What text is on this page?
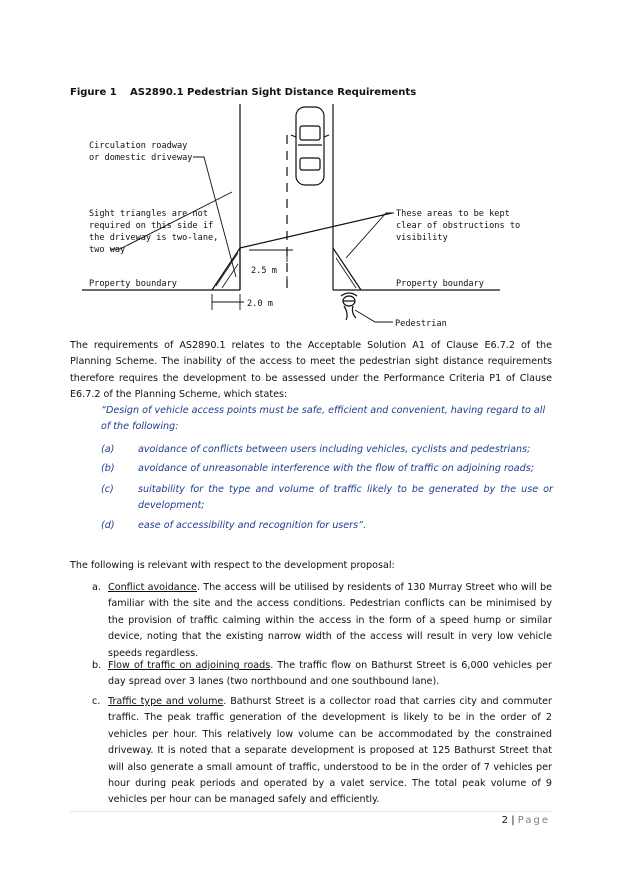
Figure 1 AS2890.1 Pedestrian Sight Distance Requirements
Circulation roadway
or domestic driveway
Sight triangles are not
required on this side if
the driveway is two-lane,
two way
These areas to be kept
clear of obstructions to
visibility
Property boundary	Property boundary
2.5 m
2.0 m
Pedestrian
The requirements of AS2890.1 relates to the Acceptable Solution A1 of Clause E6.7.2 of the Planning Scheme. The inability of the access to meet the pedestrian sight distance requirements therefore requires the development to be assessed under the Performance Criteria P1 of Clause E6.7.2 of the Planning Scheme, which states:
“Design of vehicle access points must be safe, efficient and convenient, having regard to all of the following:
(a) avoidance of conflicts between users including vehicles, cyclists and pedestrians;
(b) avoidance of unreasonable interference with the flow of traffic on adjoining roads;
(c)	suitability for the type and volume of traffic likely to be generated by the use or development;
(d) ease of accessibility and recognition for users”.
The following is relevant with respect to the development proposal:
a. Conflict avoidance. The access will be utilised by residents of 130 Murray Street who will be familiar with the site and the access conditions. Pedestrian conflicts can be minimised by the provision of traffic calming within the access in the form of a speed hump or similar device, noting that the existing narrow width of the access will result in very low vehicle speeds regardless.
b. Flow of traffic on adjoining roads. The traffic flow on Bathurst Street is 6,000 vehicles per day spread over 3 lanes (two northbound and one southbound lane).
c. Traffic type and volume. Bathurst Street is a collector road that carries city and commuter traffic. The peak traffic generation of the development is likely to be in the order of 2 vehicles per hour. This relatively low volume can be accommodated by the constrained driveway. It is noted that a separate development is proposed at 125 Bathurst Street that will also generate a small amount of traffic, understood to be in the order of 7 vehicles per hour during peak periods and operated by a valet service. The total peak volume of 9 vehicles per hour can be managed safely and efficiently.
2 | Page
